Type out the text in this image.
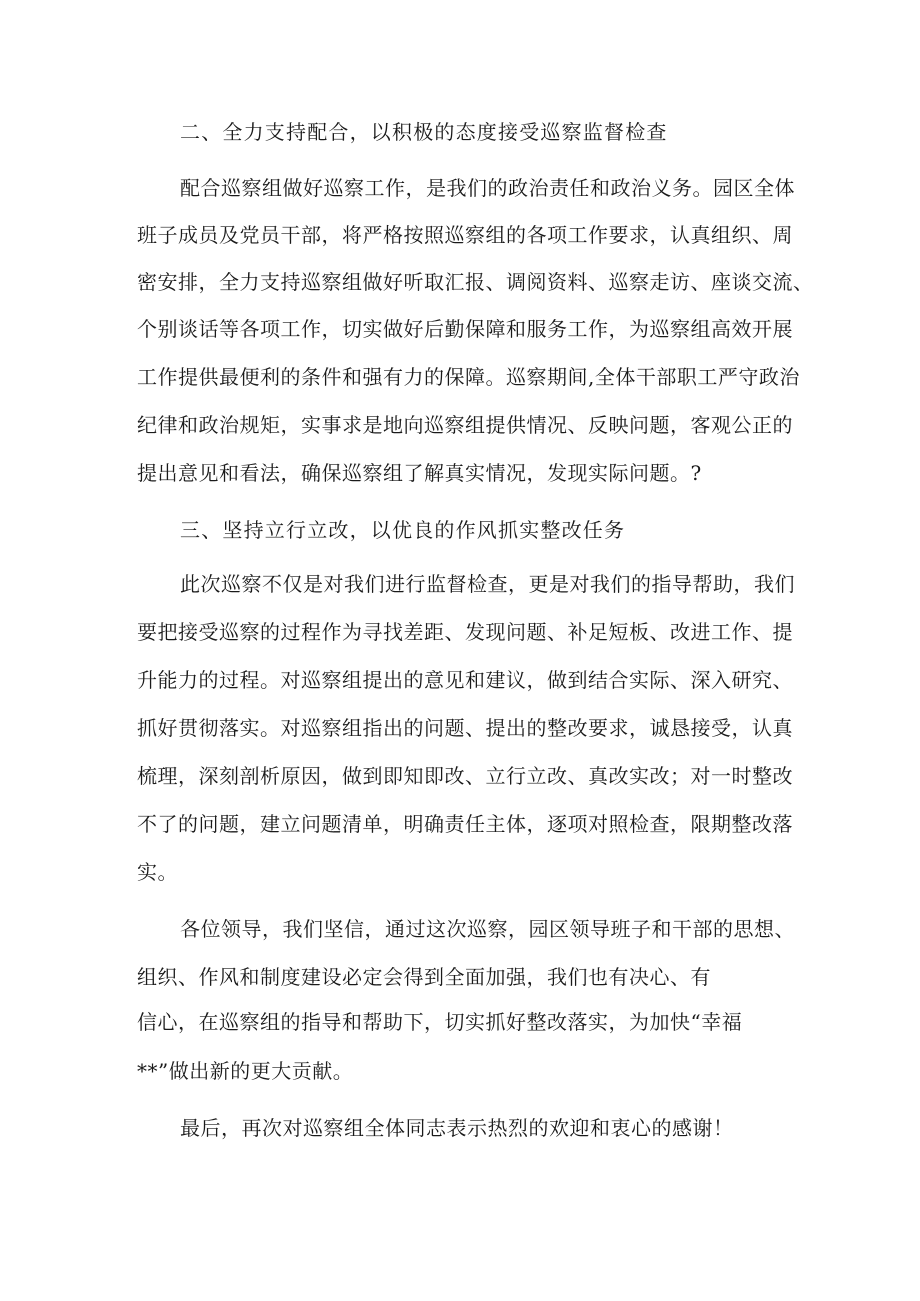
二、全力支持配合，以积极的态度接受巡察监督检查
配合巡察组做好巡察工作，是我们的政治责任和政治义务。园区全体
班子成员及党员干部，将严格按照巡察组的各项工作要求，认真组织、周
密安排，全力支持巡察组做好听取汇报、调阅资料、巡察走访、座谈交流、
个别谈话等各项工作，切实做好后勤保障和服务工作，为巡察组高效开展
工作提供最便利的条件和强有力的保障。巡察期间,全体干部职工严守政治
纪律和政治规矩，实事求是地向巡察组提供情况、反映问题，客观公正的
提出意见和看法，确保巡察组了解真实情况，发现实际问题。?
三、坚持立行立改，以优良的作风抓实整改任务
此次巡察不仅是对我们进行监督检查，更是对我们的指导帮助，我们
要把接受巡察的过程作为寻找差距、发现问题、补足短板、改进工作、提
升能力的过程。对巡察组提出的意见和建议，做到结合实际、深入研究、
抓好贯彻落实。对巡察组指出的问题、提出的整改要求，诚恳接受，认真
梳理，深刻剖析原因，做到即知即改、立行立改、真改实改；对一时整改
不了的问题，建立问题清单，明确责任主体，逐项对照检查，限期整改落
实。
各位领导，我们坚信，通过这次巡察，园区领导班子和干部的思想、
组织、作风和制度建设必定会得到全面加强，我们也有决心、有
信心，在巡察组的指导和帮助下，切实抓好整改落实，为加快“幸福
**”做出新的更大贡献。
最后，再次对巡察组全体同志表示热烈的欢迎和衷心的感谢！
